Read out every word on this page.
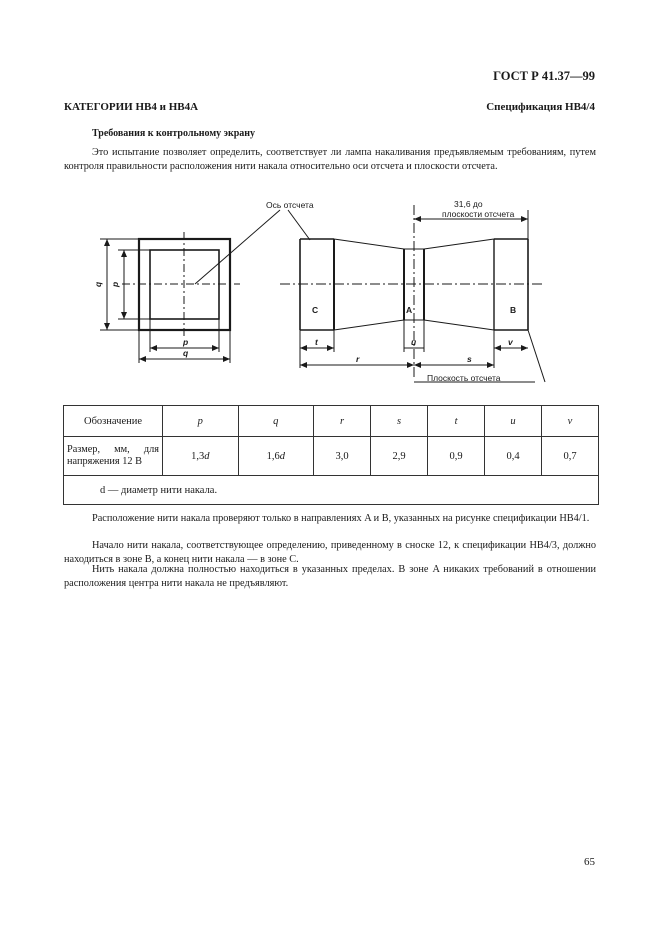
ГОСТ Р 41.37—99
КАТЕГОРИИ НВ4 и НВ4А	Спецификация НВ4/4
Требования к контрольному экрану
Это испытание позволяет определить, соответствует ли лампа накаливания предъявляемым требованиям, путем контроля правильности расположения нити накала относительно оси отсчета и плоскости отсчета.
Ось отсчета	31,6 до
плоскости отсчета
Плоскость отсчета
C	A	B
p
q
q p
t
r
u
s
v
Обозначение	p	q	r	s	t	u	v
Размер, мм, для напряжения 12 В	1,3d	1,6d	3,0	2,9	0,9	0,4	0,7
d — диаметр нити накала.							
Расположение нити накала проверяют только в направлениях A и B, указанных на рисунке спецификации НВ4/1.
Начало нити накала, соответствующее определению, приведенному в сноске 12, к спецификации НВ4/3, должно находиться в зоне B, а конец нити накала — в зоне C.
Нить накала должна полностью находиться в указанных пределах. В зоне A никаких требований в отношении расположения центра нити накала не предъявляют.
65
